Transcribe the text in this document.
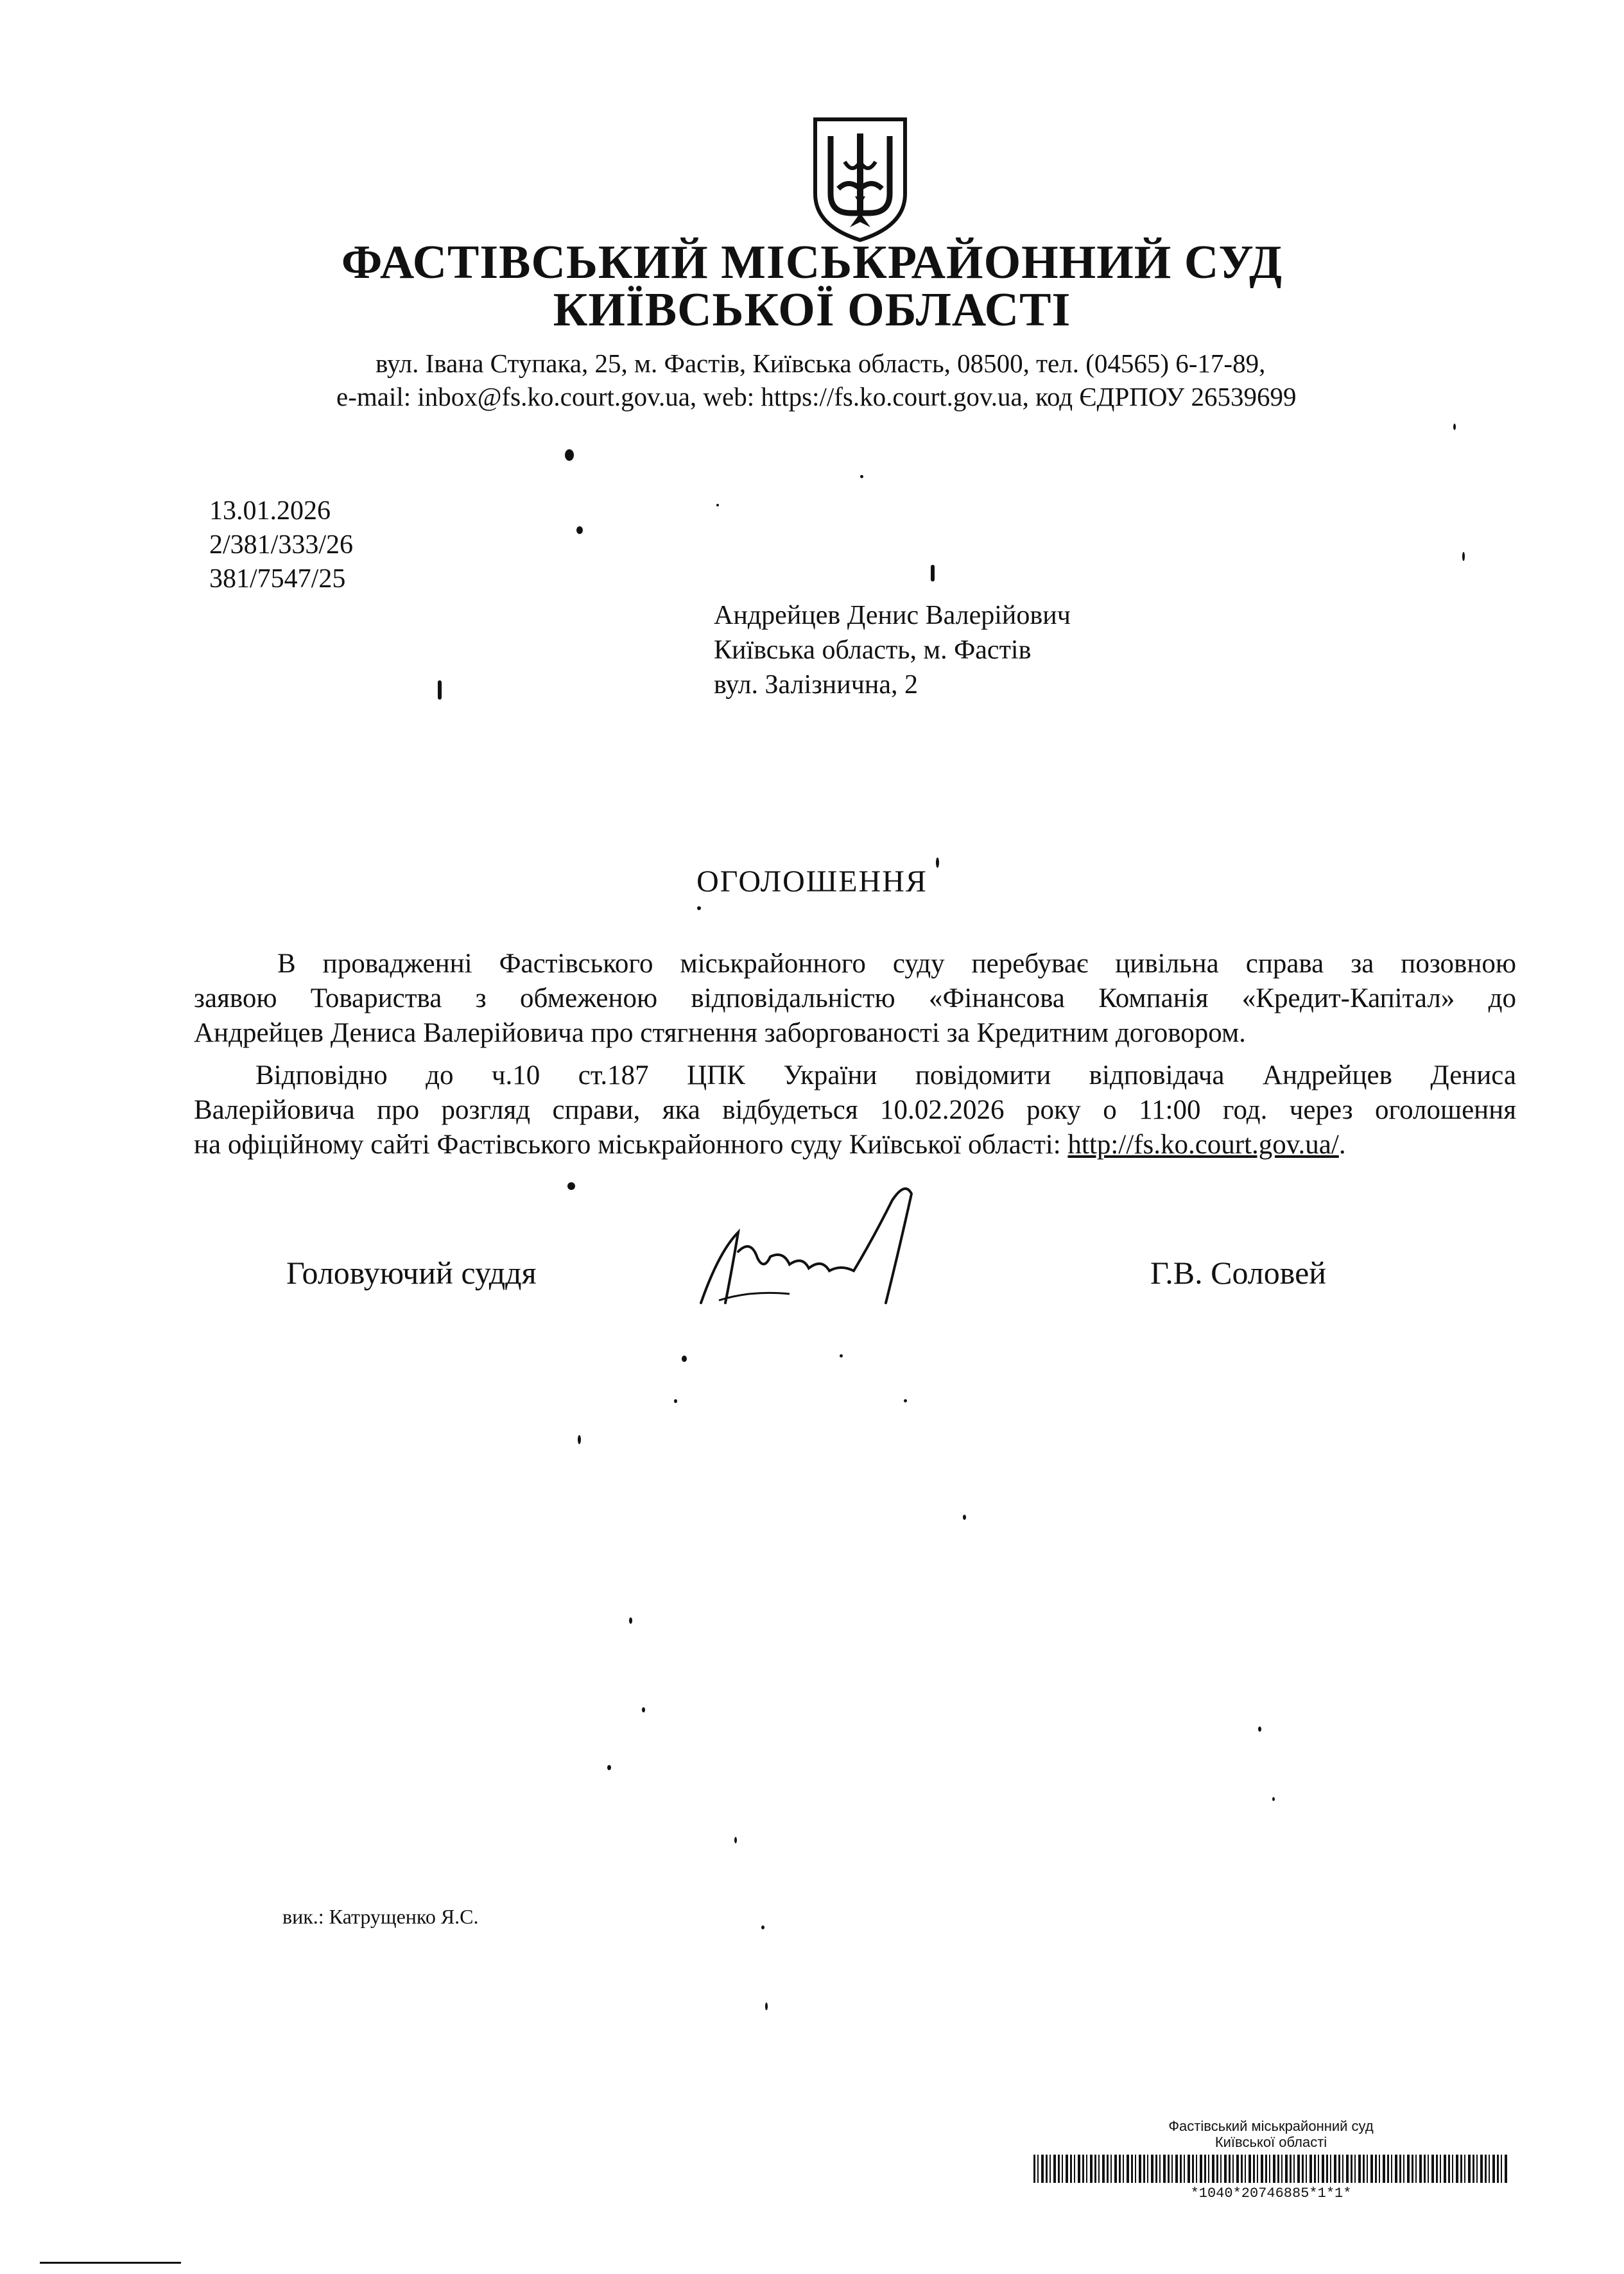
ФАСТІВСЬКИЙ МІСЬКРАЙОННИЙ СУД
КИЇВСЬКОЇ ОБЛАСТІ
вул. Івана Ступака, 25, м. Фастів, Київська область, 08500, тел. (04565) 6-17-89,
e-mail: inbox@fs.ko.court.gov.ua, web: https://fs.ko.court.gov.ua, код ЄДРПОУ 26539699
13.01.2026
2/381/333/26
381/7547/25
Андрейцев Денис Валерійович
Київська область, м. Фастів
вул. Залізнична, 2
ОГОЛОШЕННЯ
В провадженні Фастівського міськрайонного суду перебуває цивільна справа за позовною
заявою Товариства з обмеженою відповідальністю «Фінансова Компанія «Кредит-Капітал» до
Андрейцев Дениса Валерійовича про стягнення заборгованості за Кредитним договором.
Відповідно до ч.10 ст.187 ЦПК України повідомити відповідача Андрейцев Дениса
Валерійовича про розгляд справи, яка відбудеться 10.02.2026 року о 11:00 год. через оголошення
на офіційному сайті Фастівського міськрайонного суду Київської області: http://fs.ko.court.gov.ua/.
Головуючий суддя	Г.В. Соловей
вик.: Катрущенко Я.С.
Фастівський міськрайонний суд
Київської області
*1040*20746885*1*1*
